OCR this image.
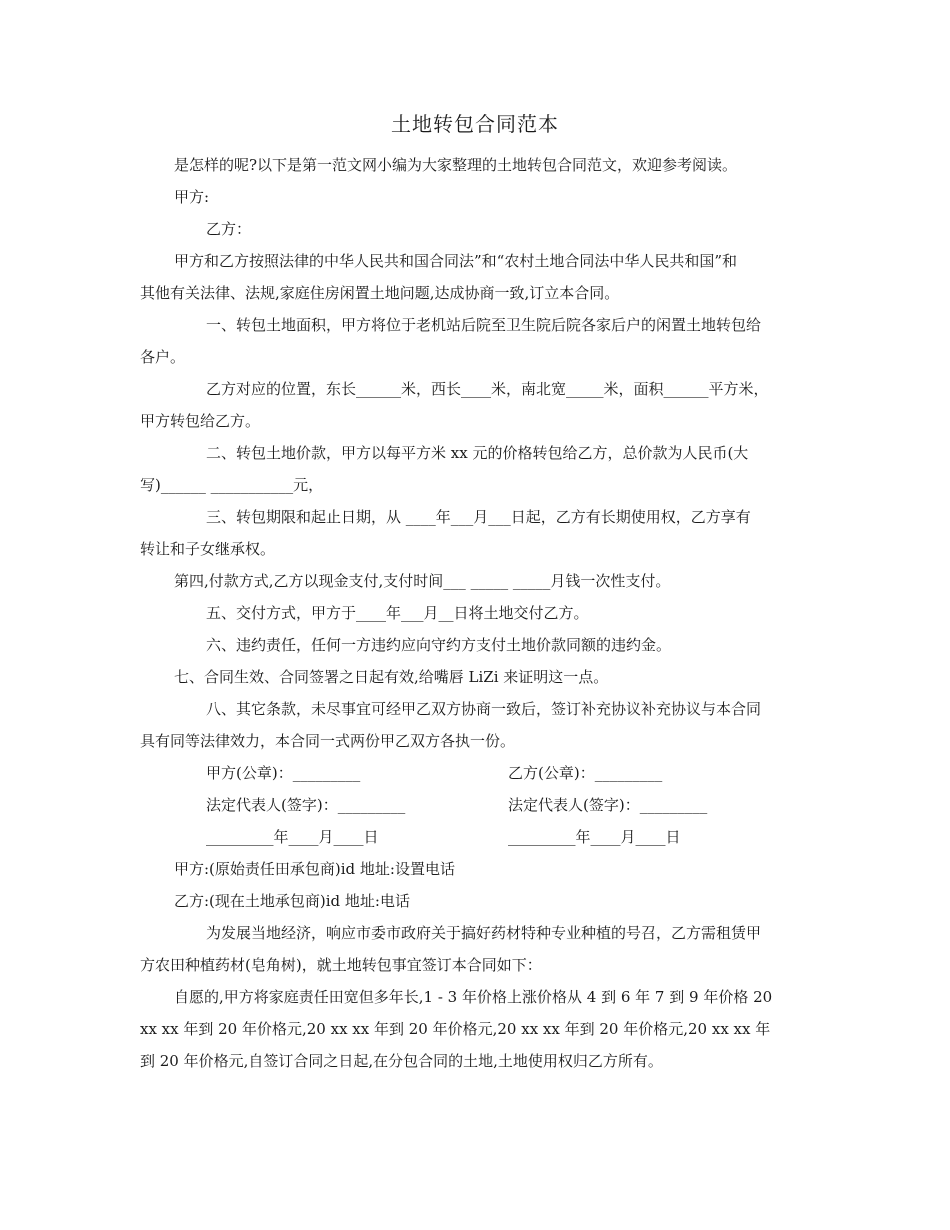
土地转包合同范本
是怎样的呢?以下是第一范文网小编为大家整理的土地转包合同范文，欢迎参考阅读。
甲方:
乙方：
甲方和乙方按照法律的中华人民共和国合同法”和“农村土地合同法中华人民共和国”和
其他有关法律、法规,家庭住房闲置土地问题,达成协商一致,订立本合同。
一、转包土地面积，甲方将位于老机站后院至卫生院后院各家后户的闲置土地转包给
各户。
乙方对应的位置，东长______米，西长____米，南北宽_____米，面积______平方米，
甲方转包给乙方。
二、转包土地价款，甲方以每平方米 xx 元的价格转包给乙方，总价款为人民币(大
写)______ ___________元，
三、转包期限和起止日期，从 ____年___月___日起，乙方有长期使用权，乙方享有
转让和子女继承权。
第四,付款方式,乙方以现金支付,支付时间___ _____ _____月钱一次性支付。
五、交付方式，甲方于____年___月__日将土地交付乙方。
六、违约责任，任何一方违约应向守约方支付土地价款同额的违约金。
七、合同生效、合同签署之日起有效,给嘴唇 LiZi 来证明这一点。
八、其它条款，未尽事宜可经甲乙双方协商一致后，签订补充协议补充协议与本合同
具有同等法律效力，本合同一式两份甲乙双方各执一份。
甲方(公章)：_________	乙方(公章)：_________
法定代表人(签字)：_________	法定代表人(签字)：_________
_________年____月____日	_________年____月____日
甲方:(原始责任田承包商)id 地址:设置电话
乙方:(现在土地承包商)id 地址:电话
为发展当地经济，响应市委市政府关于搞好药材特种专业种植的号召，乙方需租赁甲
方农田种植药材(皂角树)，就土地转包事宜签订本合同如下：
自愿的,甲方将家庭责任田宽但多年长,1 - 3 年价格上涨价格从 4 到 6 年 7 到 9 年价格 20
xx xx 年到 20 年价格元,20 xx xx 年到 20 年价格元,20 xx xx 年到 20 年价格元,20 xx xx 年
到 20 年价格元,自签订合同之日起,在分包合同的土地,土地使用权归乙方所有。
